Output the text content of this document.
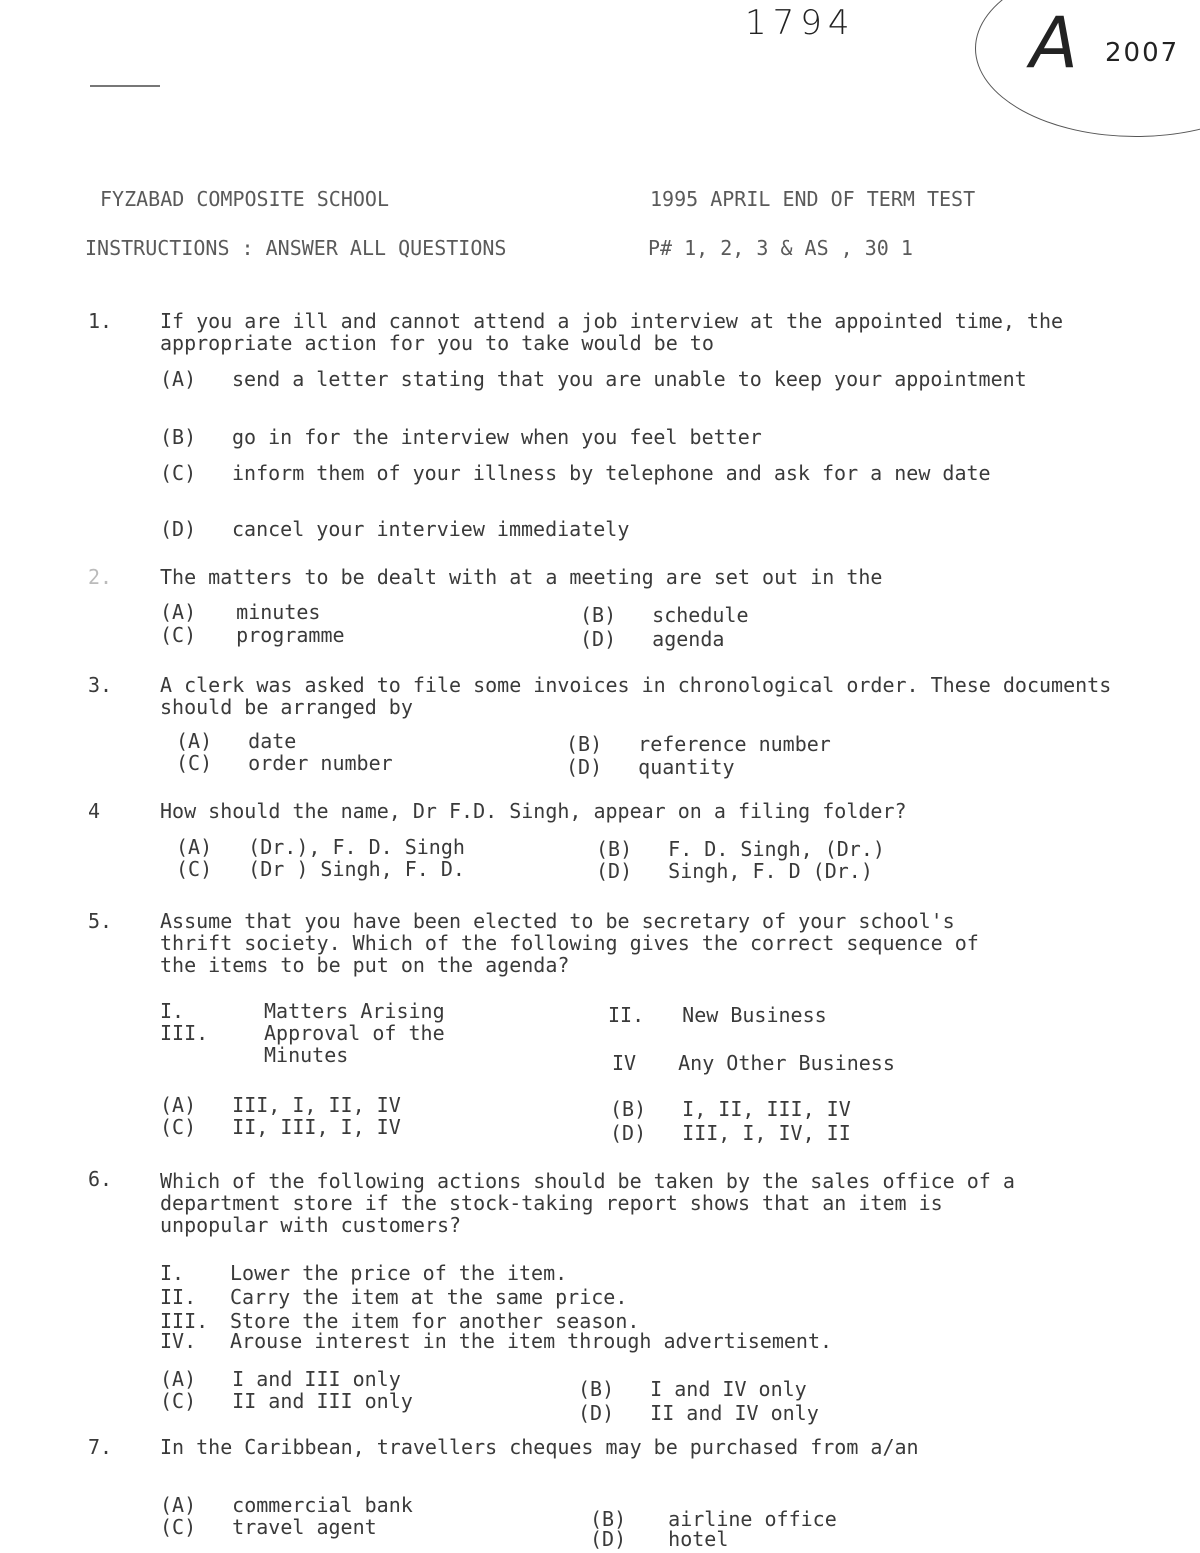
1794 A 2007
FYZABAD COMPOSITE SCHOOL	1995 APRIL END OF TERM TEST
INSTRUCTIONS : ANSWER ALL QUESTIONS	P# 1, 2, 3 & AS , 30 1
1. If you are ill and cannot attend a job interview at the appointed time, the appropriate action for you to take would be to
(A) send a letter stating that you are unable to keep your appointment
(B) go in for the interview when you feel better
(C) inform them of your illness by telephone and ask for a new date
(D) cancel your interview immediately
2. The matters to be dealt with at a meeting are set out in the
(A) minutes	(B) schedule
(C) programme	(D) agenda
3. A clerk was asked to file some invoices in chronological order. These documents should be arranged by
(A) date	(B) reference number
(C) order number	(D) quantity
4	How should the name, Dr F.D. Singh, appear on a filing folder?
(A) (Dr.), F. D. Singh	(B) F. D. Singh, (Dr.)
(C) (Dr ) Singh, F. D.	(D) Singh, F. D (Dr.)
5. Assume that you have been elected to be secretary of your school's thrift society. Which of the following gives the correct sequence of the items to be put on the agenda?
I.	Matters Arising	II. New Business
III.	Approval of the Minutes	IV Any Other Business
(A) III, I, II, IV	(B) I, II, III, IV
(C) II, III, I, IV	(D) III, I, IV, II
6. Which of the following actions should be taken by the sales office of a department store if the stock-taking report shows that an item is unpopular with customers?
I. Lower the price of the item.
II. Carry the item at the same price.
III. Store the item for another season.
IV. Arouse interest in the item through advertisement.
(A) I and III only	(B) I and IV only
(C) II and III only	(D) II and IV only
7. In the Caribbean, travellers cheques may be purchased from a/an
(A) commercial bank
(B) airline office
(C) travel agent	(D) hotel
